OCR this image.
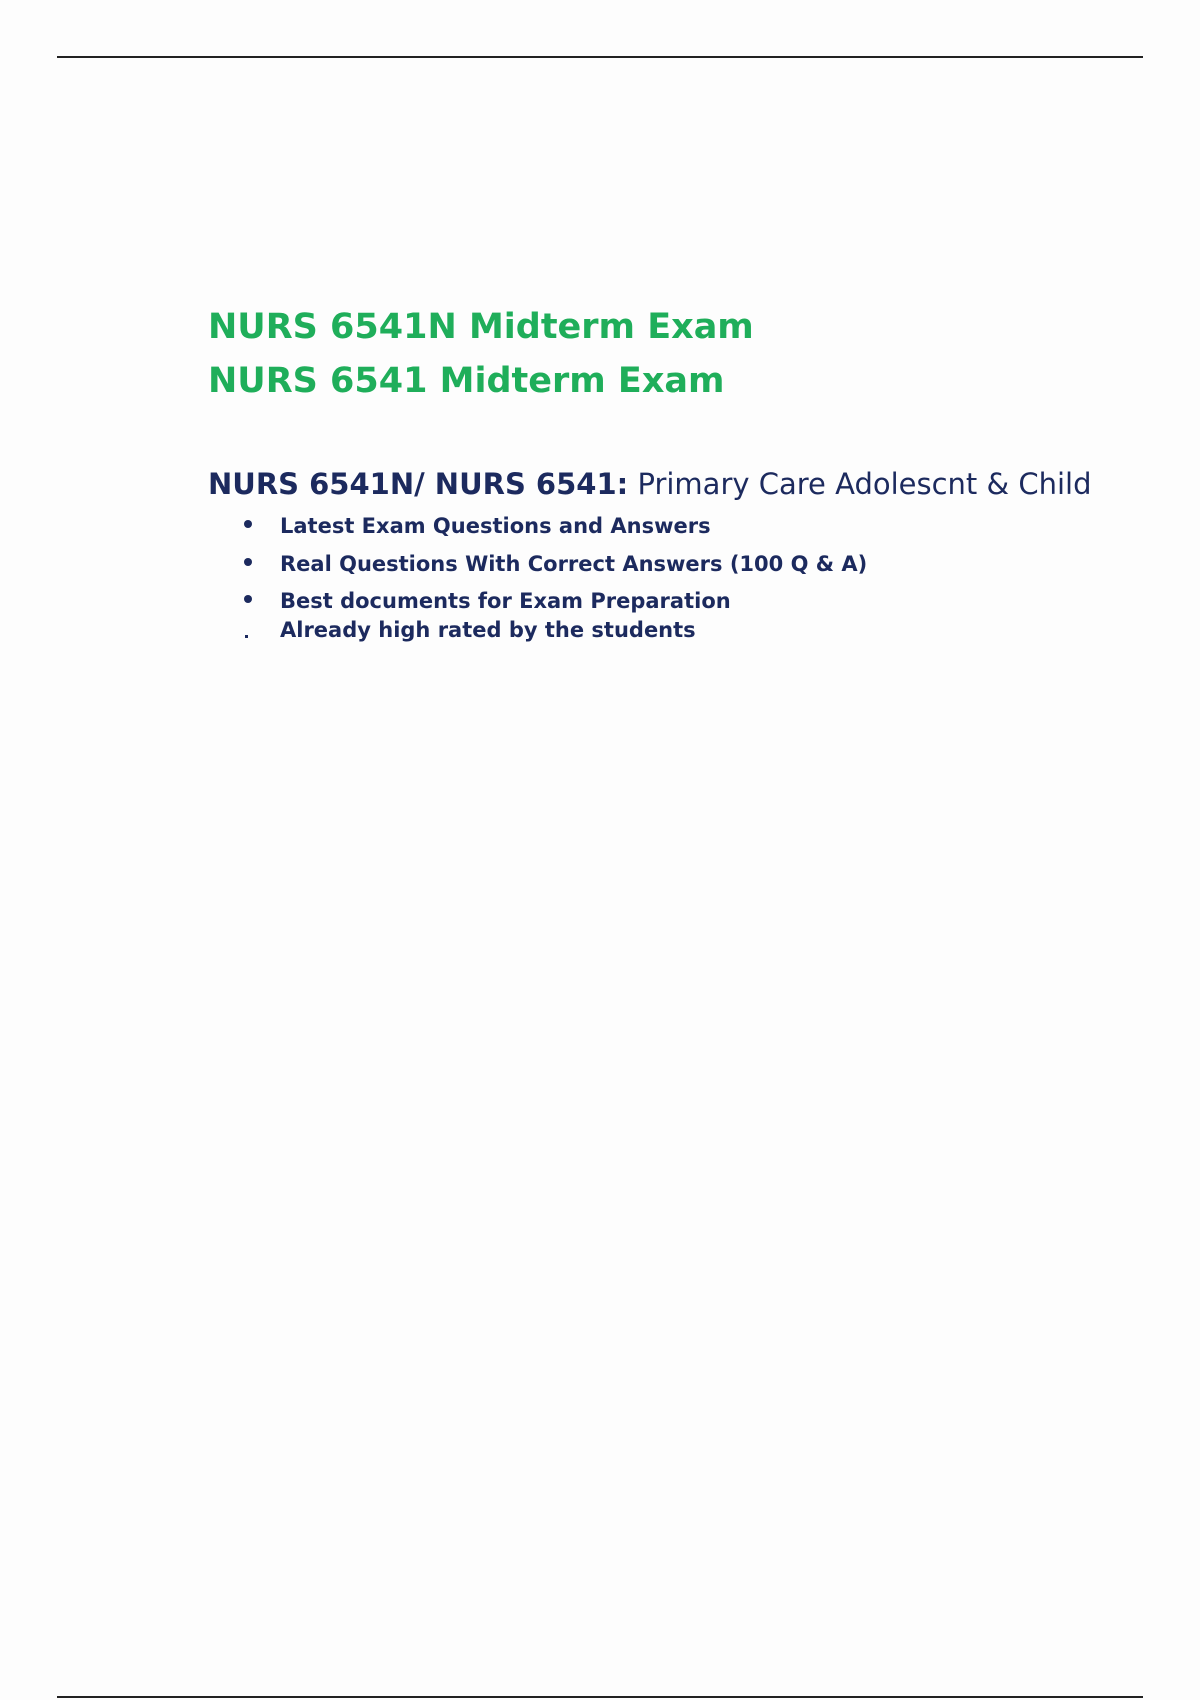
NURS 6541N Midterm Exam
NURS 6541 Midterm Exam

NURS 6541N/ NURS 6541: Primary Care Adolescnt & Child

Latest Exam Questions and Answers
Real Questions With Correct Answers (100 Q & A)
Best documents for Exam Preparation
Already high rated by the students
